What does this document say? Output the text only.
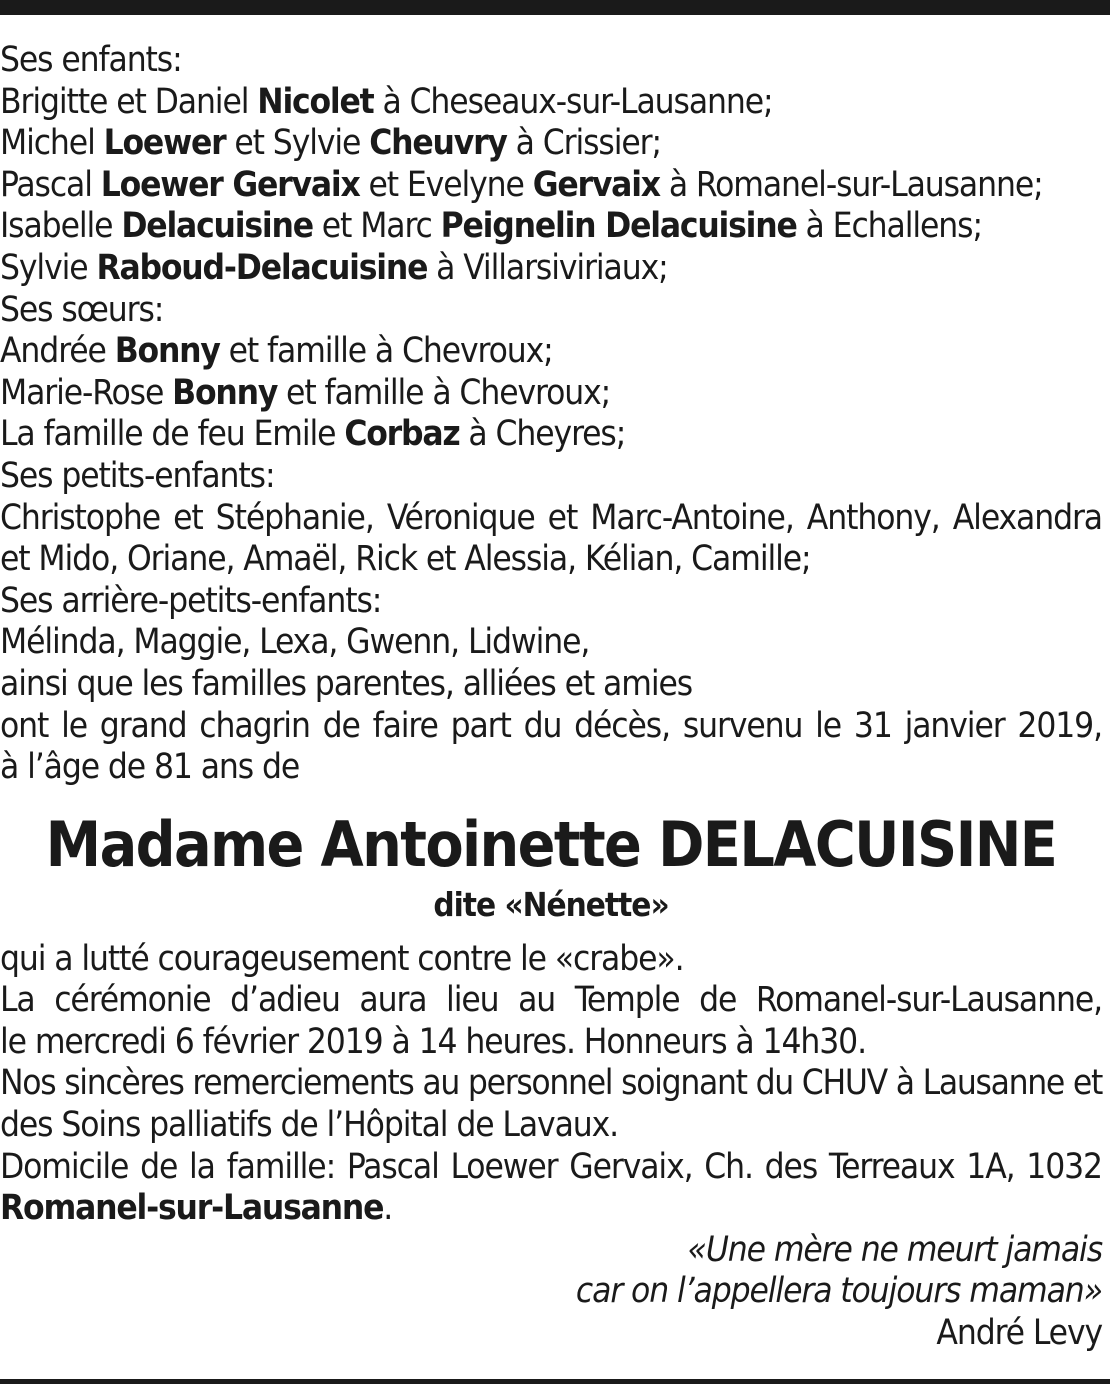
Ses enfants:
Brigitte et Daniel Nicolet à Cheseaux-sur-Lausanne;
Michel Loewer et Sylvie Cheuvry à Crissier;
Pascal Loewer Gervaix et Evelyne Gervaix à Romanel-sur-Lausanne;
Isabelle Delacuisine et Marc Peignelin Delacuisine à Echallens;
Sylvie Raboud-Delacuisine à Villarsiviriaux;
Ses sœurs:
Andrée Bonny et famille à Chevroux;
Marie-Rose Bonny et famille à Chevroux;
La famille de feu Emile Corbaz à Cheyres;
Ses petits-enfants:
Christophe et Stéphanie, Véronique et Marc-Antoine, Anthony, Alexandra
et Mido, Oriane, Amaël, Rick et Alessia, Kélian, Camille;
Ses arrière-petits-enfants:
Mélinda, Maggie, Lexa, Gwenn, Lidwine,
ainsi que les familles parentes, alliées et amies
ont le grand chagrin de faire part du décès, survenu le 31 janvier 2019,
à l’âge de 81 ans de
Madame Antoinette DELACUISINE
dite «Nénette»
qui a lutté courageusement contre le «crabe».
La cérémonie d’adieu aura lieu au Temple de Romanel-sur-Lausanne,
le mercredi 6 février 2019 à 14 heures. Honneurs à 14h30.
Nos sincères remerciements au personnel soignant du CHUV à Lausanne et
des Soins palliatifs de l’Hôpital de Lavaux.
Domicile de la famille: Pascal Loewer Gervaix, Ch. des Terreaux 1A, 1032
Romanel-sur-Lausanne.
«Une mère ne meurt jamais
car on l’appellera toujours maman»
André Levy
